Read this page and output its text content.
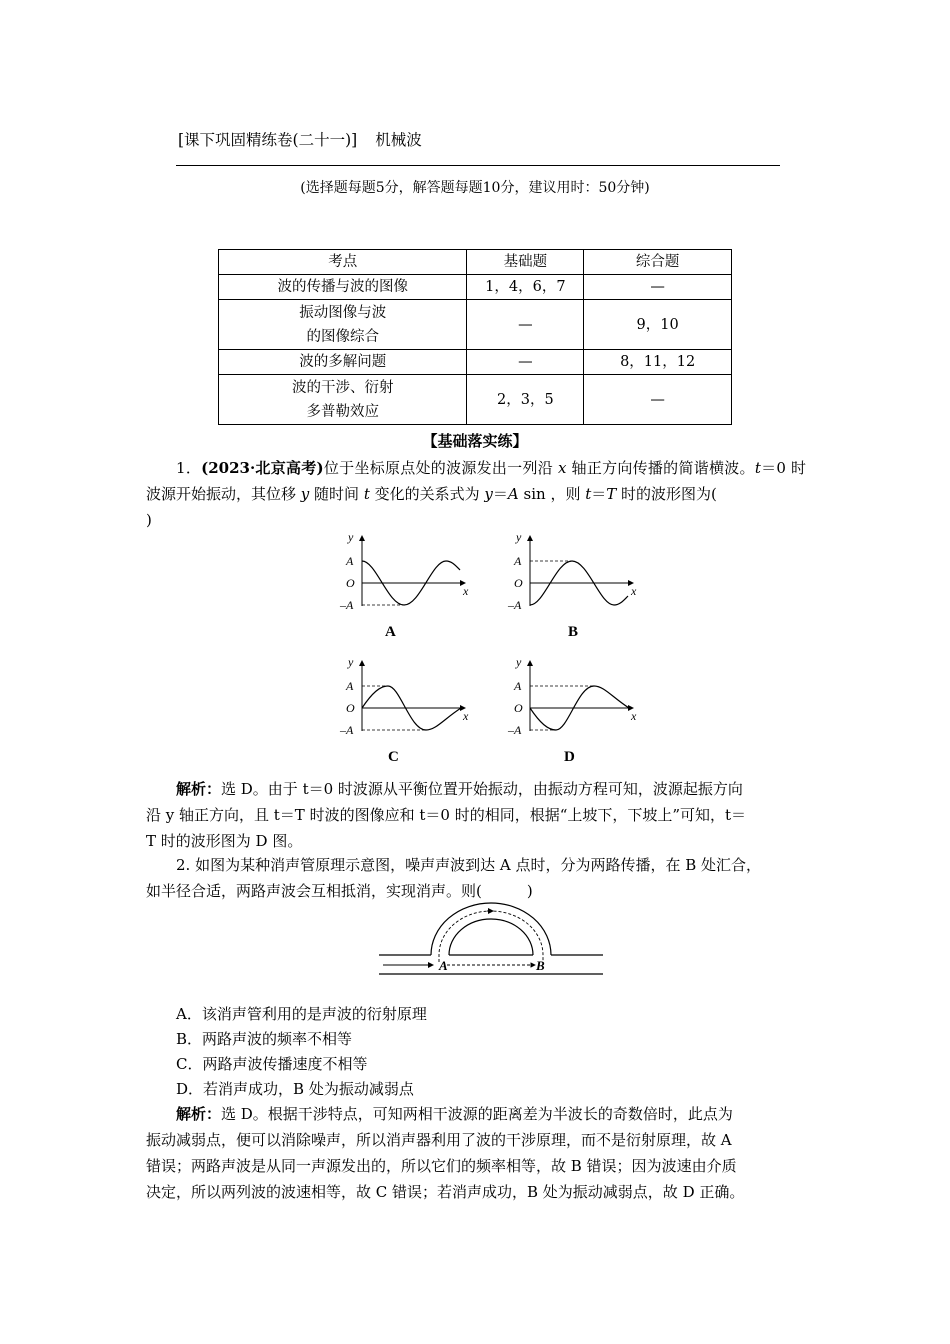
[课下巩固精练卷(二十一)] 机械波
(选择题每题5分，解答题每题10分，建议用时：50分钟)
考点	基础题	综合题
波的传播与波的图像	1，4，6，7	—
振动图像与波
的图像综合	—	9，10
波的多解问题	—	8，11，12
波的干涉、衍射
多普勒效应	2，3，5	—
【基础落实练】
1．(2023·北京高考)位于坐标原点处的波源发出一列沿 x 轴正方向传播的简谐横波。t＝0 时波源开始振动，其位移 y 随时间 t 变化的关系式为 y＝A sin ，则 t＝T 时的波形图为(
)
y
x
A
O
–A
A
y
x
A
O
–A
B
y
x
A
O
–A
C
y
x
A
O
–A
D
解析：选 D。由于 t＝0 时波源从平衡位置开始振动，由振动方程可知，波源起振方向
沿 y 轴正方向，且 t＝T 时波的图像应和 t＝0 时的相同，根据“上坡下，下坡上”可知，t＝
T 时的波形图为 D 图。
2. 如图为某种消声管原理示意图，噪声声波到达 A 点时，分为两路传播，在 B 处汇合，
如半径合适，两路声波会互相抵消，实现消声。则(　　　)
A	B
A．该消声管利用的是声波的衍射原理
B．两路声波的频率不相等
C．两路声波传播速度不相等
D．若消声成功，B 处为振动减弱点
解析：选 D。根据干涉特点，可知两相干波源的距离差为半波长的奇数倍时，此点为
振动减弱点，便可以消除噪声，所以消声器利用了波的干涉原理，而不是衍射原理，故 A
错误；两路声波是从同一声源发出的，所以它们的频率相等，故 B 错误；因为波速由介质
决定，所以两列波的波速相等，故 C 错误；若消声成功，B 处为振动减弱点，故 D 正确。
